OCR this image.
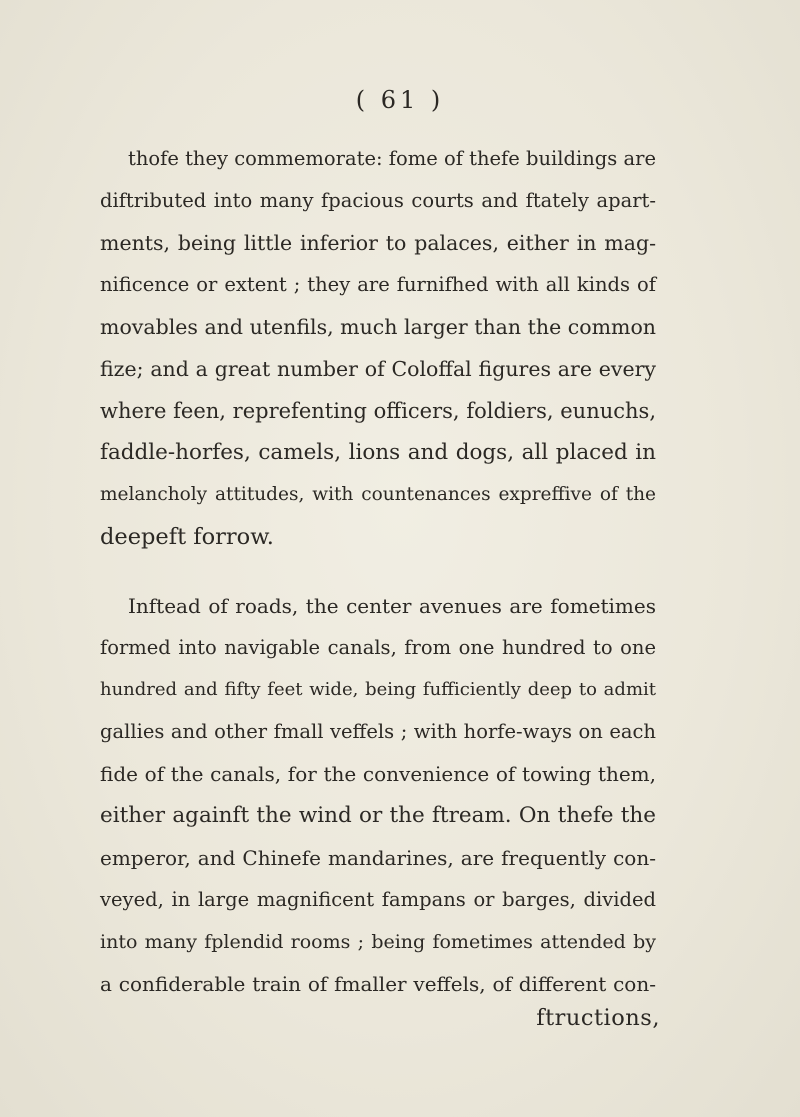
( 61 )
thofe they commemorate: fome of thefe buildings are
diftributed into many fpacious courts and ftately apart-
ments, being little inferior to palaces, either in mag-
nificence or extent ; they are furnifhed with all kinds of
movables and utenfils, much larger than the common
fize; and a great number of Coloffal figures are every
where feen, reprefenting officers, foldiers, eunuchs,
faddle-horfes, camels, lions and dogs, all placed in
melancholy attitudes, with countenances expreffive of the
deepeft forrow.
Inftead of roads, the center avenues are fometimes
formed into navigable canals, from one hundred to one
hundred and fifty feet wide, being fufficiently deep to admit
gallies and other fmall veffels ; with horfe-ways on each
fide of the canals, for the convenience of towing them,
either againft the wind or the ftream. On thefe the
emperor, and Chinefe mandarines, are frequently con-
veyed, in large magnificent fampans or barges, divided
into many fplendid rooms ; being fometimes attended by
a confiderable train of fmaller veffels, of different con-
ftructions,
